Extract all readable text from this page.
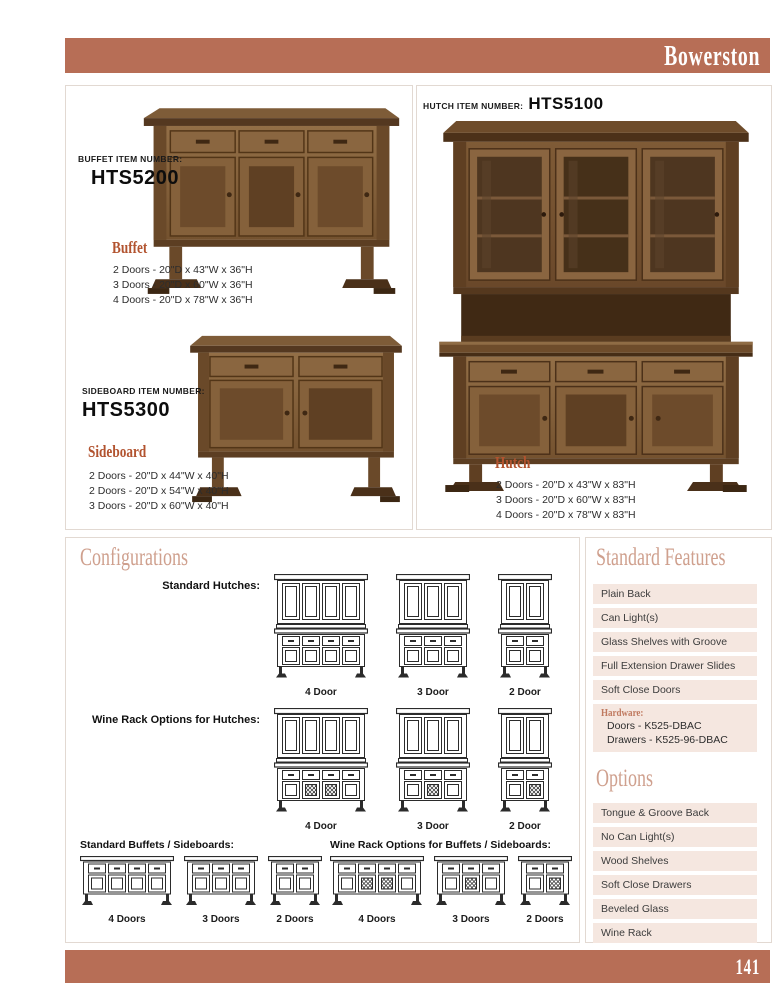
Bowerston
BUFFET ITEM NUMBER:
HTS5200
Buffet
2 Doors - 20"D x 43"W x 36"H
3 Doors - 20"D x 60"W x 36"H
4 Doors - 20"D x 78"W x 36"H
SIDEBOARD ITEM NUMBER:
HTS5300
Sideboard
2 Doors - 20"D x 44"W x 40"H
2 Doors - 20"D x 54"W x 40"H
3 Doors - 20"D x 60"W x 40"H
HUTCH ITEM NUMBER: HTS5100
Hutch
2 Doors - 20"D x 43"W x 83"H
3 Doors - 20"D x 60"W x 83"H
4 Doors - 20"D x 78"W x 83"H
Configurations
Standard Hutches:
4 Door	3 Door	2 Door
Wine Rack Options for Hutches:
4 Door	3 Door	2 Door
Standard Buffets / Sideboards:
4 Doors	3 Doors	2 Doors
Wine Rack Options for Buffets / Sideboards:
4 Doors	3 Doors	2 Doors
Standard Features
Plain Back
Can Light(s)
Glass Shelves with Groove
Full Extension Drawer Slides
Soft Close Doors
Hardware:
Doors - K525-DBAC
Drawers - K525-96-DBAC
Options
Tongue & Groove Back
No Can Light(s)
Wood Shelves
Soft Close Drawers
Beveled Glass
Wine Rack
141
